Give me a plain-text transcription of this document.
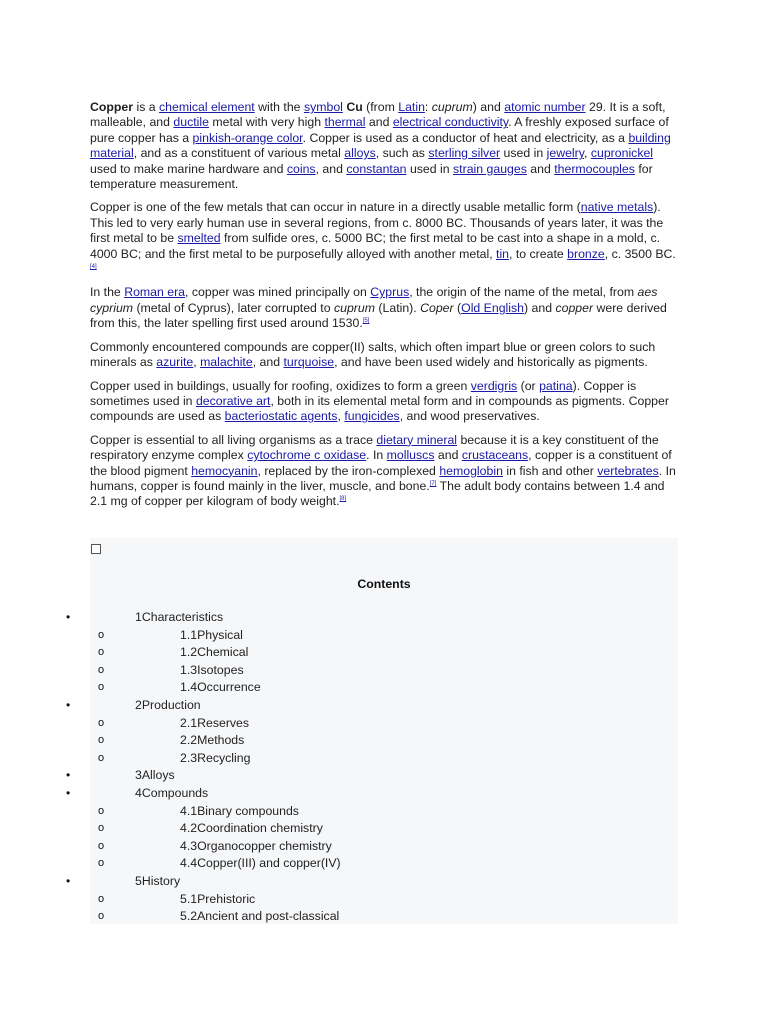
Copper is a chemical element with the symbol Cu (from Latin: cuprum) and atomic number 29. It is a soft, malleable, and ductile metal with very high thermal and electrical conductivity. A freshly exposed surface of pure copper has a pinkish-orange color. Copper is used as a conductor of heat and electricity, as a building material, and as a constituent of various metal alloys, such as sterling silver used in jewelry, cupronickel used to make marine hardware and coins, and constantan used in strain gauges and thermocouples for temperature measurement.

Copper is one of the few metals that can occur in nature in a directly usable metallic form (native metals). This led to very early human use in several regions, from c. 8000 BC. Thousands of years later, it was the first metal to be smelted from sulfide ores, c. 5000 BC; the first metal to be cast into a shape in a mold, c. 4000 BC; and the first metal to be purposefully alloyed with another metal, tin, to create bronze, c. 3500 BC.[4]

In the Roman era, copper was mined principally on Cyprus, the origin of the name of the metal, from aes cyprium (metal of Cyprus), later corrupted to cuprum (Latin). Coper (Old English) and copper were derived from this, the later spelling first used around 1530.[5]

Commonly encountered compounds are copper(II) salts, which often impart blue or green colors to such minerals as azurite, malachite, and turquoise, and have been used widely and historically as pigments.

Copper used in buildings, usually for roofing, oxidizes to form a green verdigris (or patina). Copper is sometimes used in decorative art, both in its elemental metal form and in compounds as pigments. Copper compounds are used as bacteriostatic agents, fungicides, and wood preservatives.

Copper is essential to all living organisms as a trace dietary mineral because it is a key constituent of the respiratory enzyme complex cytochrome c oxidase. In molluscs and crustaceans, copper is a constituent of the blood pigment hemocyanin, replaced by the iron-complexed hemoglobin in fish and other vertebrates. In humans, copper is found mainly in the liver, muscle, and bone.[7] The adult body contains between 1.4 and 2.1 mg of copper per kilogram of body weight.[8]

Contents
•	1Characteristics
o	1.1Physical
o	1.2Chemical
o	1.3Isotopes
o	1.4Occurrence
•	2Production
o	2.1Reserves
o	2.2Methods
o	2.3Recycling
•	3Alloys
•	4Compounds
o	4.1Binary compounds
o	4.2Coordination chemistry
o	4.3Organocopper chemistry
o	4.4Copper(III) and copper(IV)
•	5History
o	5.1Prehistoric
o	5.2Ancient and post-classical
